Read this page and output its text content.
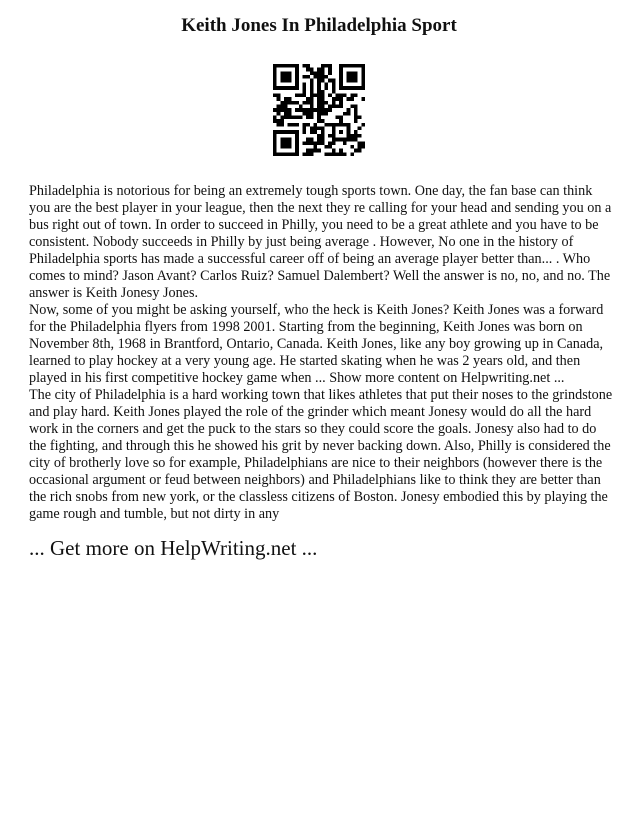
Keith Jones In Philadelphia Sport

Philadelphia is notorious for being an extremely tough sports town. One day, the fan base can think you are the best player in your league, then the next they re calling for your head and sending you on a bus right out of town. In order to succeed in Philly, you need to be a great athlete and you have to be consistent. Nobody succeeds in Philly by just being average . However, No one in the history of Philadelphia sports has made a successful career off of being an average player better than... . Who comes to mind? Jason Avant? Carlos Ruiz? Samuel Dalembert? Well the answer is no, no, and no. The answer is Keith Jonesy Jones.

Now, some of you might be asking yourself, who the heck is Keith Jones? Keith Jones was a forward for the Philadelphia flyers from 1998 2001. Starting from the beginning, Keith Jones was born on November 8th, 1968 in Brantford, Ontario, Canada. Keith Jones, like any boy growing up in Canada, learned to play hockey at a very young age. He started skating when he was 2 years old, and then played in his first competitive hockey game when ... Show more content on Helpwriting.net ...

The city of Philadelphia is a hard working town that likes athletes that put their noses to the grindstone and play hard. Keith Jones played the role of the grinder which meant Jonesy would do all the hard work in the corners and get the puck to the stars so they could score the goals. Jonesy also had to do the fighting, and through this he showed his grit by never backing down. Also, Philly is considered the city of brotherly love so for example, Philadelphians are nice to their neighbors (however there is the occasional argument or feud between neighbors) and Philadelphians like to think they are better than the rich snobs from new york, or the classless citizens of Boston. Jonesy embodied this by playing the game rough and tumble, but not dirty in any

... Get more on HelpWriting.net ...
